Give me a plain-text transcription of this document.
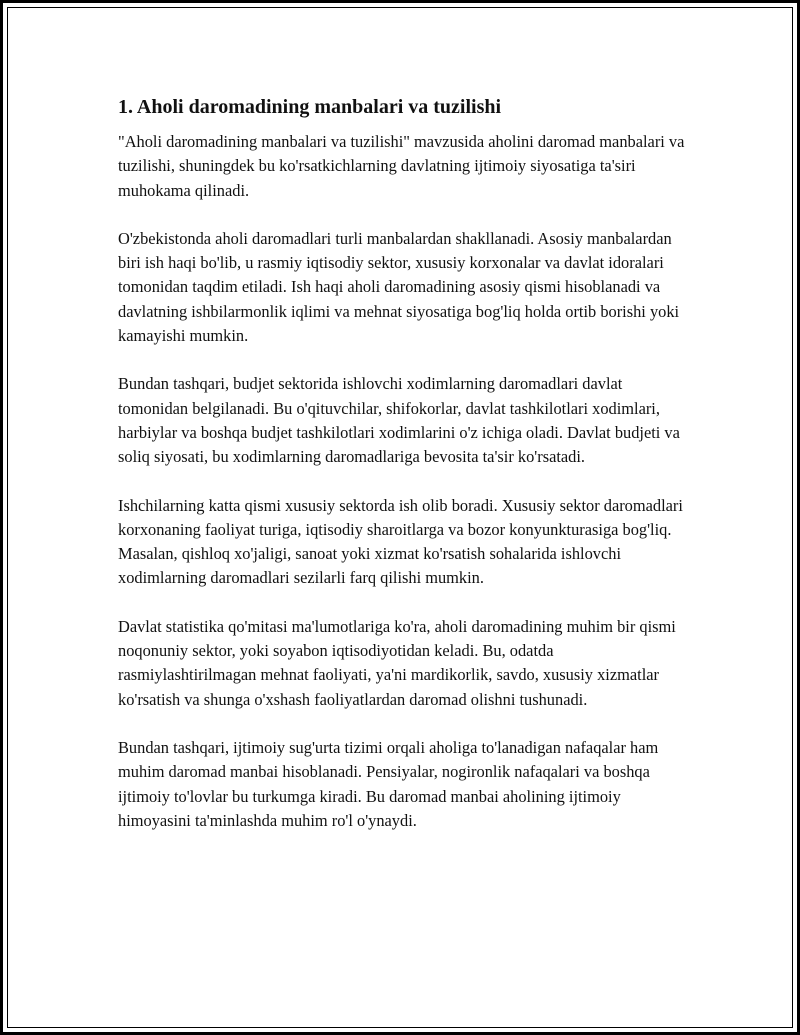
1. Aholi daromadining manbalari va tuzilishi

"Aholi daromadining manbalari va tuzilishi" mavzusida aholini daromad manbalari va tuzilishi, shuningdek bu ko'rsatkichlarning davlatning ijtimoiy siyosatiga ta'siri muhokama qilinadi.

O'zbekistonda aholi daromadlari turli manbalardan shakllanadi. Asosiy manbalardan biri ish haqi bo'lib, u rasmiy iqtisodiy sektor, xususiy korxonalar va davlat idoralari tomonidan taqdim etiladi. Ish haqi aholi daromadining asosiy qismi hisoblanadi va davlatning ishbilarmonlik iqlimi va mehnat siyosatiga bog'liq holda ortib borishi yoki kamayishi mumkin.

Bundan tashqari, budjet sektorida ishlovchi xodimlarning daromadlari davlat tomonidan belgilanadi. Bu o'qituvchilar, shifokorlar, davlat tashkilotlari xodimlari, harbiylar va boshqa budjet tashkilotlari xodimlarini o'z ichiga oladi. Davlat budjeti va soliq siyosati, bu xodimlarning daromadlariga bevosita ta'sir ko'rsatadi.

Ishchilarning katta qismi xususiy sektorda ish olib boradi. Xususiy sektor daromadlari korxonaning faoliyat turiga, iqtisodiy sharoitlarga va bozor konyunkturasiga bog'liq. Masalan, qishloq xo'jaligi, sanoat yoki xizmat ko'rsatish sohalarida ishlovchi xodimlarning daromadlari sezilarli farq qilishi mumkin.

Davlat statistika qo'mitasi ma'lumotlariga ko'ra, aholi daromadining muhim bir qismi noqonuniy sektor, yoki soyabon iqtisodiyotidan keladi. Bu, odatda rasmiylashtirilmagan mehnat faoliyati, ya'ni mardikorlik, savdo, xususiy xizmatlar ko'rsatish va shunga o'xshash faoliyatlardan daromad olishni tushunadi.

Bundan tashqari, ijtimoiy sug'urta tizimi orqali aholiga to'lanadigan nafaqalar ham muhim daromad manbai hisoblanadi. Pensiyalar, nogironlik nafaqalari va boshqa ijtimoiy to'lovlar bu turkumga kiradi. Bu daromad manbai aholining ijtimoiy himoyasini ta'minlashda muhim ro'l o'ynaydi.
